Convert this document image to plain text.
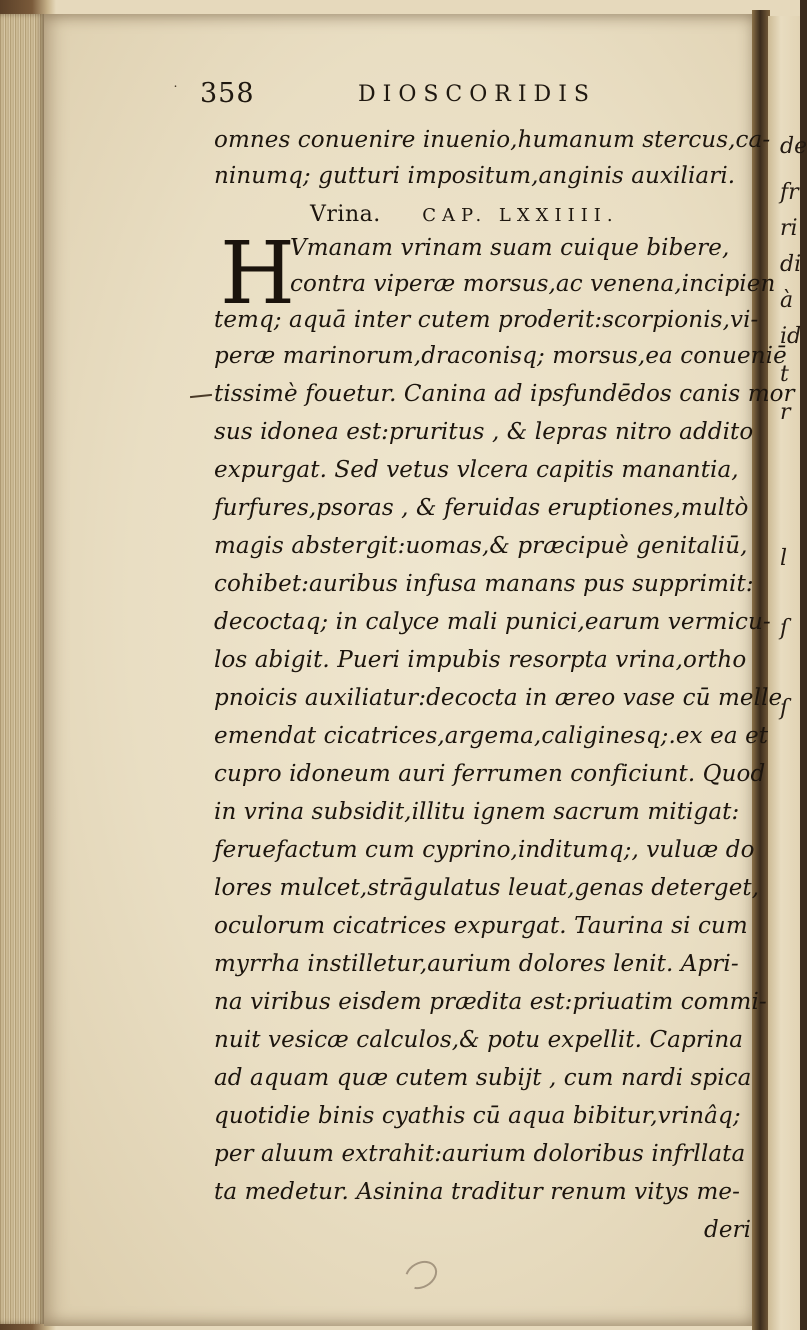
de
fr
ri
di
à
id
t
r
l
ſ
ſ
˙ 358	DIOSCORIDIS
omnes conuenire inuenio,humanum stercus,ca-
ninumq; gutturi impositum,anginis auxiliari.
Vrina. CAP. LXXIIII.
H
Vmanam vrinam suam cuique bibere,
contra viperæ morsus,ac venena,incipien
temq; aquā inter cutem proderit:scorpionis,vi-
peræ marinorum,draconisq; morsus,ea conueniē
tissimè fouetur. Canina ad ipsfundēdos canis mor
sus idonea est:pruritus , & lepras nitro addito
expurgat. Sed vetus vlcera capitis manantia,
furfures,psoras , & feruidas eruptiones,multò
magis abstergit:uomas,& præcipuè genitaliū,
cohibet:auribus infusa manans pus supprimit:
decoctaq; in calyce mali punici,earum vermicu-
los abigit. Pueri impubis resorpta vrina,ortho
pnoicis auxiliatur:decocta in æreo vase cū melle
emendat cicatrices,argema,caliginesq;.ex ea et
cupro idoneum auri ferrumen conficiunt. Quod
in vrina subsidit,illitu ignem sacrum mitigat:
feruefactum cum cyprino,inditumq;, vuluæ do
lores mulcet,strāgulatus leuat,genas deterget,
oculorum cicatrices expurgat. Taurina si cum
myrrha instilletur,aurium dolores lenit. Apri-
na viribus eisdem prædita est:priuatim commi-
nuit vesicæ calculos,& potu expellit. Caprina
ad aquam quæ cutem subijt , cum nardi spica
quotidie binis cyathis cū aqua bibitur,vrinâq;
per aluum extrahit:aurium doloribus infrllata
ta medetur. Asinina traditur renum vitys me-
deri
